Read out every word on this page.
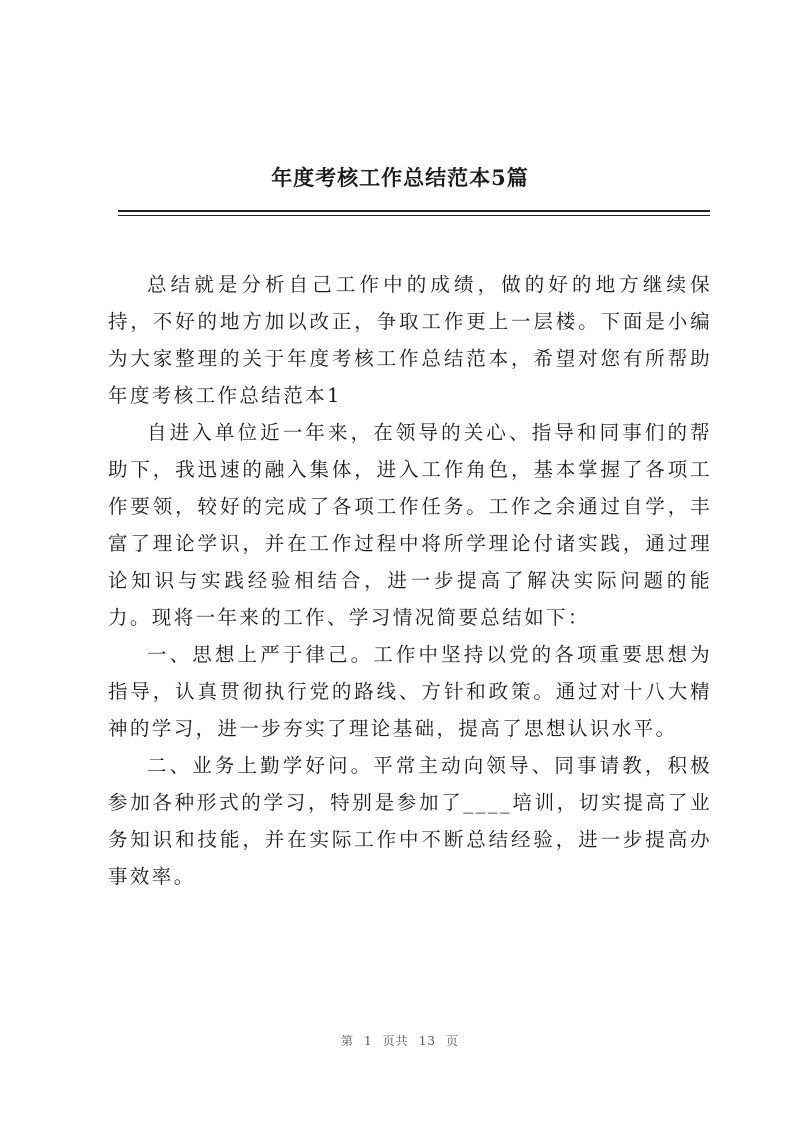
年度考核工作总结范本5篇

总结就是分析自己工作中的成绩，做的好的地方继续保持，不好的地方加以改正，争取工作更上一层楼。下面是小编为大家整理的关于年度考核工作总结范本，希望对您有所帮助年度考核工作总结范本1

自进入单位近一年来，在领导的关心、指导和同事们的帮助下，我迅速的融入集体，进入工作角色，基本掌握了各项工作要领，较好的完成了各项工作任务。工作之余通过自学，丰富了理论学识，并在工作过程中将所学理论付诸实践，通过理论知识与实践经验相结合，进一步提高了解决实际问题的能力。现将一年来的工作、学习情况简要总结如下：

一、思想上严于律己。工作中坚持以党的各项重要思想为指导，认真贯彻执行党的路线、方针和政策。通过对十八大精神的学习，进一步夯实了理论基础，提高了思想认识水平。

二、业务上勤学好问。平常主动向领导、同事请教，积极参加各种形式的学习，特别是参加了____培训，切实提高了业务知识和技能，并在实际工作中不断总结经验，进一步提高办事效率。

第 1 页共 13 页
